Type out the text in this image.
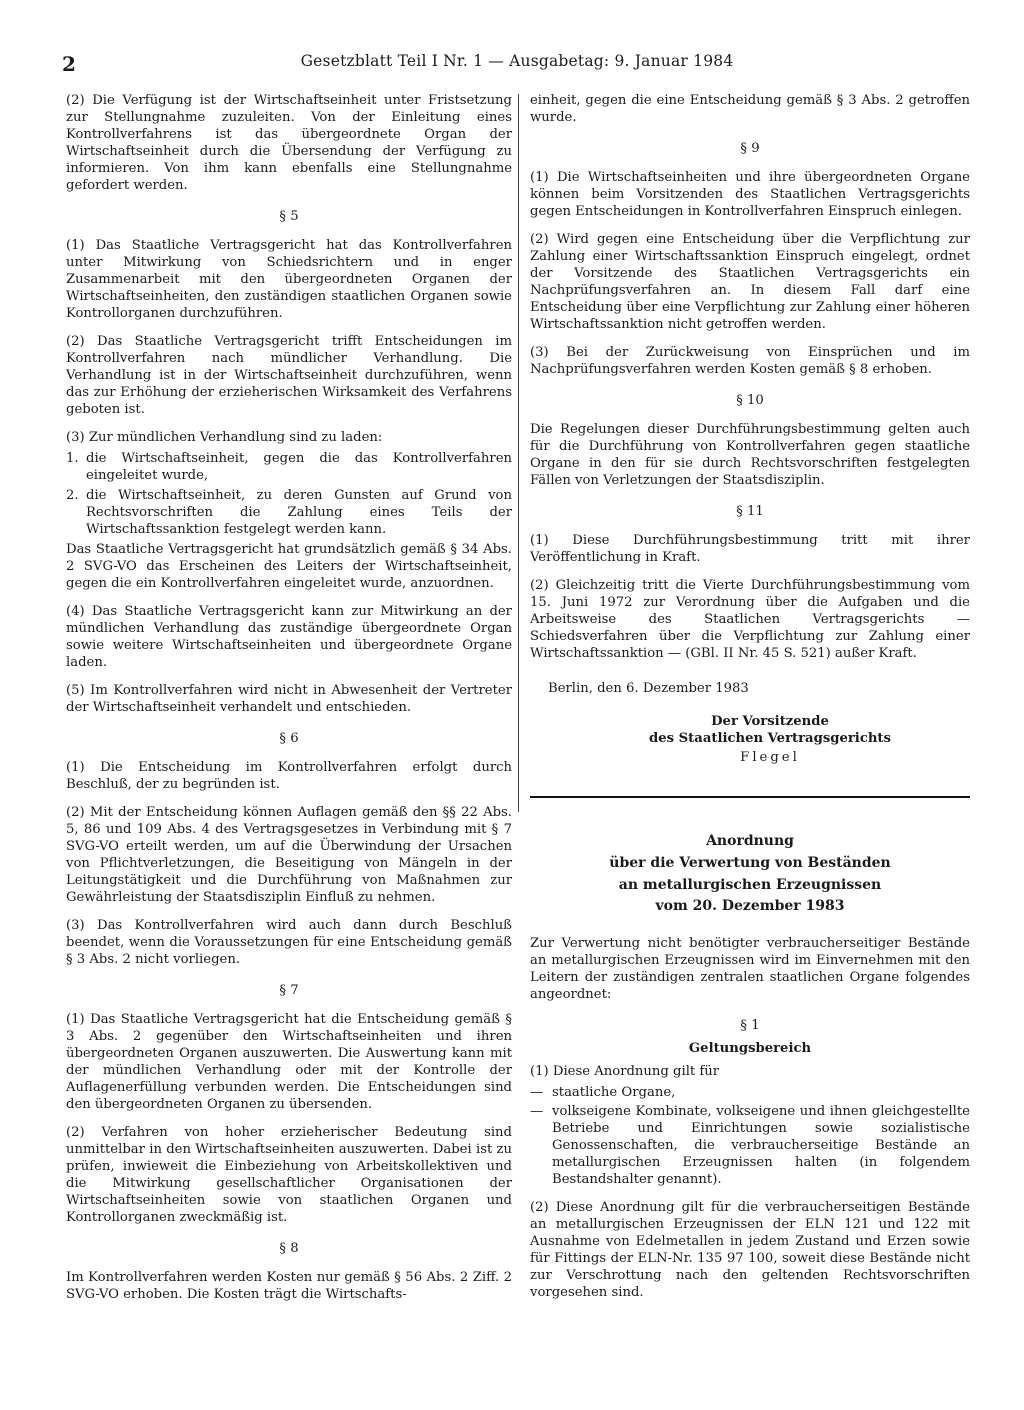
2	Gesetzblatt Teil I Nr. 1 — Ausgabetag: 9. Januar 1984

(2) Die Verfügung ist der Wirtschaftseinheit unter Fristsetzung zur Stellungnahme zuzuleiten. Von der Einleitung eines Kontrollverfahrens ist das übergeordnete Organ der Wirtschaftseinheit durch die Übersendung der Verfügung zu informieren. Von ihm kann ebenfalls eine Stellungnahme gefordert werden.

§ 5

(1) Das Staatliche Vertragsgericht hat das Kontrollverfahren unter Mitwirkung von Schiedsrichtern und in enger Zusammenarbeit mit den übergeordneten Organen der Wirtschaftseinheiten, den zuständigen staatlichen Organen sowie Kontrollorganen durchzuführen.

(2) Das Staatliche Vertragsgericht trifft Entscheidungen im Kontrollverfahren nach mündlicher Verhandlung. Die Verhandlung ist in der Wirtschaftseinheit durchzuführen, wenn das zur Erhöhung der erzieherischen Wirksamkeit des Verfahrens geboten ist.

(3) Zur mündlichen Verhandlung sind zu laden:

1. die Wirtschaftseinheit, gegen die das Kontrollverfahren eingeleitet wurde,
2. die Wirtschaftseinheit, zu deren Gunsten auf Grund von Rechtsvorschriften die Zahlung eines Teils der Wirtschaftssanktion festgelegt werden kann.

Das Staatliche Vertragsgericht hat grundsätzlich gemäß § 34 Abs. 2 SVG-VO das Erscheinen des Leiters der Wirtschaftseinheit, gegen die ein Kontrollverfahren eingeleitet wurde, anzuordnen.

(4) Das Staatliche Vertragsgericht kann zur Mitwirkung an der mündlichen Verhandlung das zuständige übergeordnete Organ sowie weitere Wirtschaftseinheiten und übergeordnete Organe laden.

(5) Im Kontrollverfahren wird nicht in Abwesenheit der Vertreter der Wirtschaftseinheit verhandelt und entschieden.

§ 6

(1) Die Entscheidung im Kontrollverfahren erfolgt durch Beschluß, der zu begründen ist.

(2) Mit der Entscheidung können Auflagen gemäß den §§ 22 Abs. 5, 86 und 109 Abs. 4 des Vertragsgesetzes in Verbindung mit § 7 SVG-VO erteilt werden, um auf die Überwindung der Ursachen von Pflichtverletzungen, die Beseitigung von Mängeln in der Leitungstätigkeit und die Durchführung von Maßnahmen zur Gewährleistung der Staatsdisziplin Einfluß zu nehmen.

(3) Das Kontrollverfahren wird auch dann durch Beschluß beendet, wenn die Voraussetzungen für eine Entscheidung gemäß § 3 Abs. 2 nicht vorliegen.

§ 7

(1) Das Staatliche Vertragsgericht hat die Entscheidung gemäß § 3 Abs. 2 gegenüber den Wirtschaftseinheiten und ihren übergeordneten Organen auszuwerten. Die Auswertung kann mit der mündlichen Verhandlung oder mit der Kontrolle der Auflagenerfüllung verbunden werden. Die Entscheidungen sind den übergeordneten Organen zu übersenden.

(2) Verfahren von hoher erzieherischer Bedeutung sind unmittelbar in den Wirtschaftseinheiten auszuwerten. Dabei ist zu prüfen, inwieweit die Einbeziehung von Arbeitskollektiven und die Mitwirkung gesellschaftlicher Organisationen der Wirtschaftseinheiten sowie von staatlichen Organen und Kontrollorganen zweckmäßig ist.

§ 8

Im Kontrollverfahren werden Kosten nur gemäß § 56 Abs. 2 Ziff. 2 SVG-VO erhoben. Die Kosten trägt die Wirtschafts-

einheit, gegen die eine Entscheidung gemäß § 3 Abs. 2 getroffen wurde.

§ 9

(1) Die Wirtschaftseinheiten und ihre übergeordneten Organe können beim Vorsitzenden des Staatlichen Vertragsgerichts gegen Entscheidungen in Kontrollverfahren Einspruch einlegen.

(2) Wird gegen eine Entscheidung über die Verpflichtung zur Zahlung einer Wirtschaftssanktion Einspruch eingelegt, ordnet der Vorsitzende des Staatlichen Vertragsgerichts ein Nachprüfungsverfahren an. In diesem Fall darf eine Entscheidung über eine Verpflichtung zur Zahlung einer höheren Wirtschaftssanktion nicht getroffen werden.

(3) Bei der Zurückweisung von Einsprüchen und im Nachprüfungsverfahren werden Kosten gemäß § 8 erhoben.

§ 10

Die Regelungen dieser Durchführungsbestimmung gelten auch für die Durchführung von Kontrollverfahren gegen staatliche Organe in den für sie durch Rechtsvorschriften festgelegten Fällen von Verletzungen der Staatsdisziplin.

§ 11

(1) Diese Durchführungsbestimmung tritt mit ihrer Veröffentlichung in Kraft.

(2) Gleichzeitig tritt die Vierte Durchführungsbestimmung vom 15. Juni 1972 zur Verordnung über die Aufgaben und die Arbeitsweise des Staatlichen Vertragsgerichts — Schiedsverfahren über die Verpflichtung zur Zahlung einer Wirtschaftssanktion — (GBl. II Nr. 45 S. 521) außer Kraft.

Berlin, den 6. Dezember 1983
Der Vorsitzende
des Staatlichen Vertragsgerichts
Flegel
Anordnung
über die Verwertung von Beständen
an metallurgischen Erzeugnissen
vom 20. Dezember 1983

Zur Verwertung nicht benötigter verbraucherseitiger Bestände an metallurgischen Erzeugnissen wird im Einvernehmen mit den Leitern der zuständigen zentralen staatlichen Organe folgendes angeordnet:

§ 1
Geltungsbereich

(1) Diese Anordnung gilt für

— staatliche Organe,
— volkseigene Kombinate, volkseigene und ihnen gleichgestellte Betriebe und Einrichtungen sowie sozialistische Genossenschaften, die verbraucherseitige Bestände an metallurgischen Erzeugnissen halten (in folgendem Bestandshalter genannt).

(2) Diese Anordnung gilt für die verbraucherseitigen Bestände an metallurgischen Erzeugnissen der ELN 121 und 122 mit Ausnahme von Edelmetallen in jedem Zustand und Erzen sowie für Fittings der ELN-Nr. 135 97 100, soweit diese Bestände nicht zur Verschrottung nach den geltenden Rechtsvorschriften vorgesehen sind.
